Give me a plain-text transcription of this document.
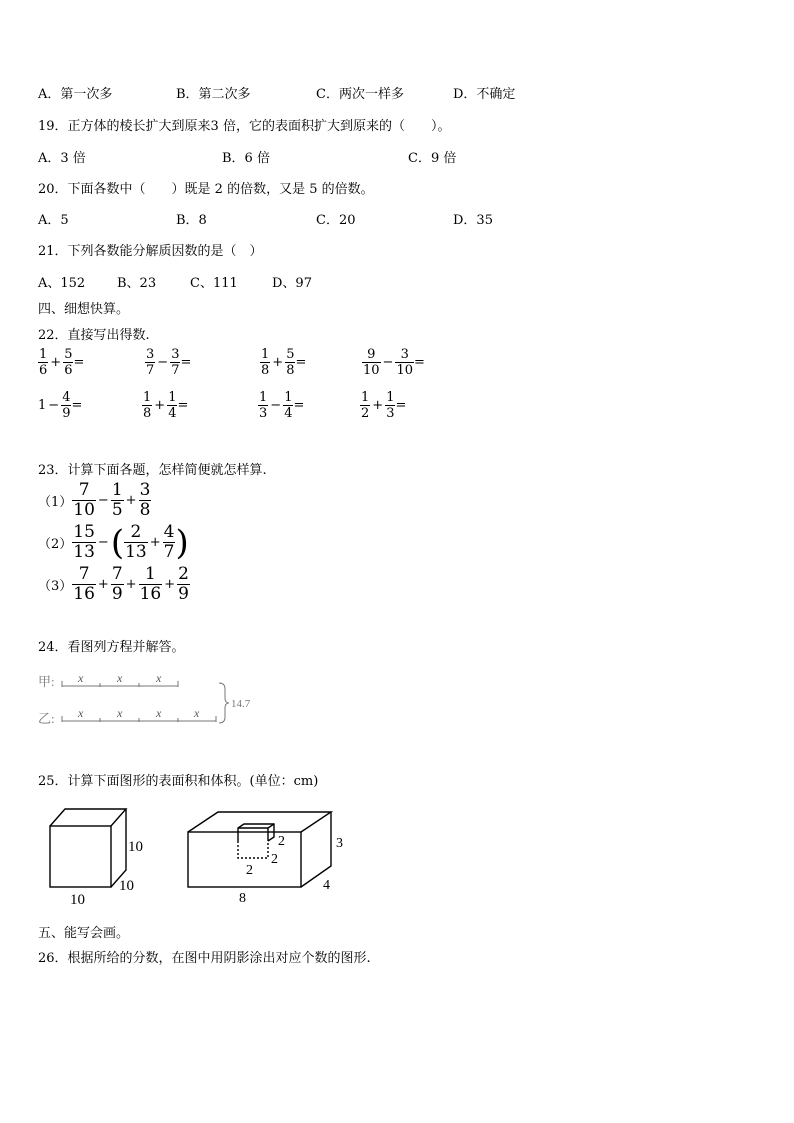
A．第一次多	B．第二次多	C．两次一样多	D．不确定
19．正方体的棱长扩大到原来3 倍，它的表面积扩大到原来的（　　）。
A．3 倍	B．6 倍	C．9 倍
20．下面各数中（　　）既是 2 的倍数，又是 5 的倍数。
A．5	B．8	C．20	D．35
21．下列各数能分解质因数的是（　）
A、152 B、23	C、111	D、97
四、细想快算。
22．直接写出得数.
$\frac{1}{6} + \frac{5}{6}$ =	$\frac{3}{7} - \frac{3}{7}$ =	$\frac{1}{8} + \frac{5}{8}$ =	$\frac{9}{10} - \frac{3}{10}$ =
$1 - \frac{4}{9}$ =	$\frac{1}{8} + \frac{1}{4}$ =	$\frac{1}{3} - \frac{1}{4}$ =	$\frac{1}{2} + \frac{1}{3}$ =
23．计算下面各题，怎样简便就怎样算.
$(1) \frac{7}{10} - \frac{1}{5} + \frac{3}{8}$
$(2) \frac{15}{13}$ − ( $\frac{2}{13} + \frac{4}{7}$ )
$(3) \frac{7}{16} + \frac{7}{9} + \frac{1}{16} + \frac{2}{9}$
24．看图列方程并解答。
甲:
乙:
x	x	x
x	x	x	x
14.7
25．计算下面图形的表面积和体积。(单位：cm)
10
10
10
3
4
8
2
2
2
五、能写会画。
26．根据所给的分数，在图中用阴影涂出对应个数的图形.
